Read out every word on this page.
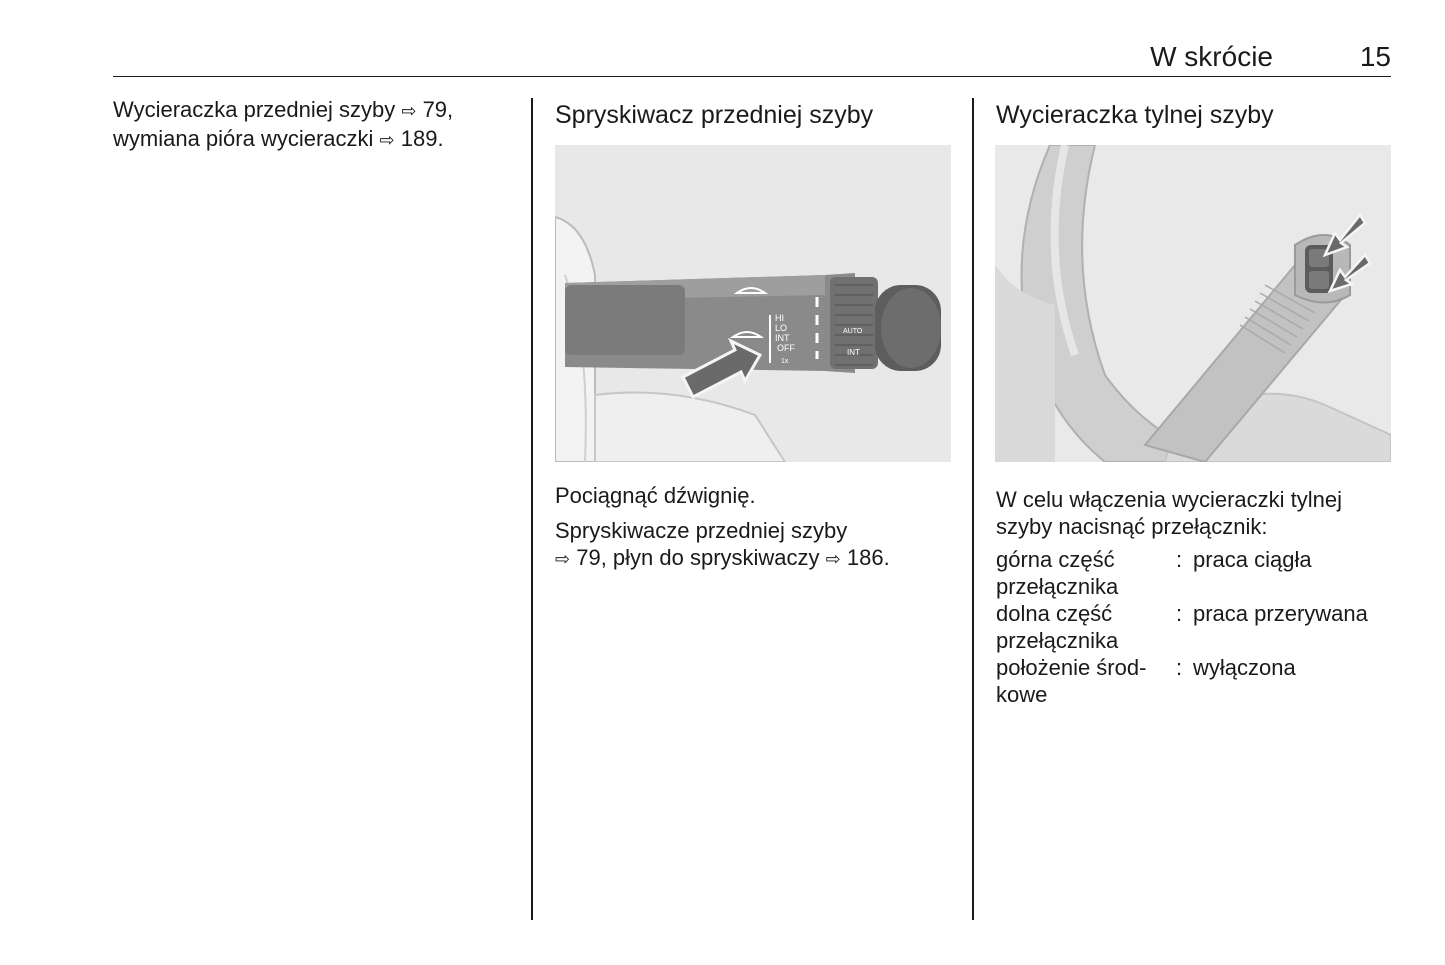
W skrócie	15

Wycieraczka przedniej szyby ⇨ 79,

wymiana pióra wycieraczki ⇨ 189.

Spryskiwacz przedniej szyby
HI
LO
INT
OFF
1x
AUTO
INT

Pociągnąć dźwignię.

Spryskiwacze przedniej szyby

⇨ 79, płyn do spryskiwaczy ⇨ 186.

Wycieraczka tylnej szyby

W celu włączenia wycieraczki tylnej szyby nacisnąć przełącznik:

górna część przełącznika
: praca ciągła
dolna część przełącznika
: praca przerywana
położenie środ-kowe
: wyłączona
